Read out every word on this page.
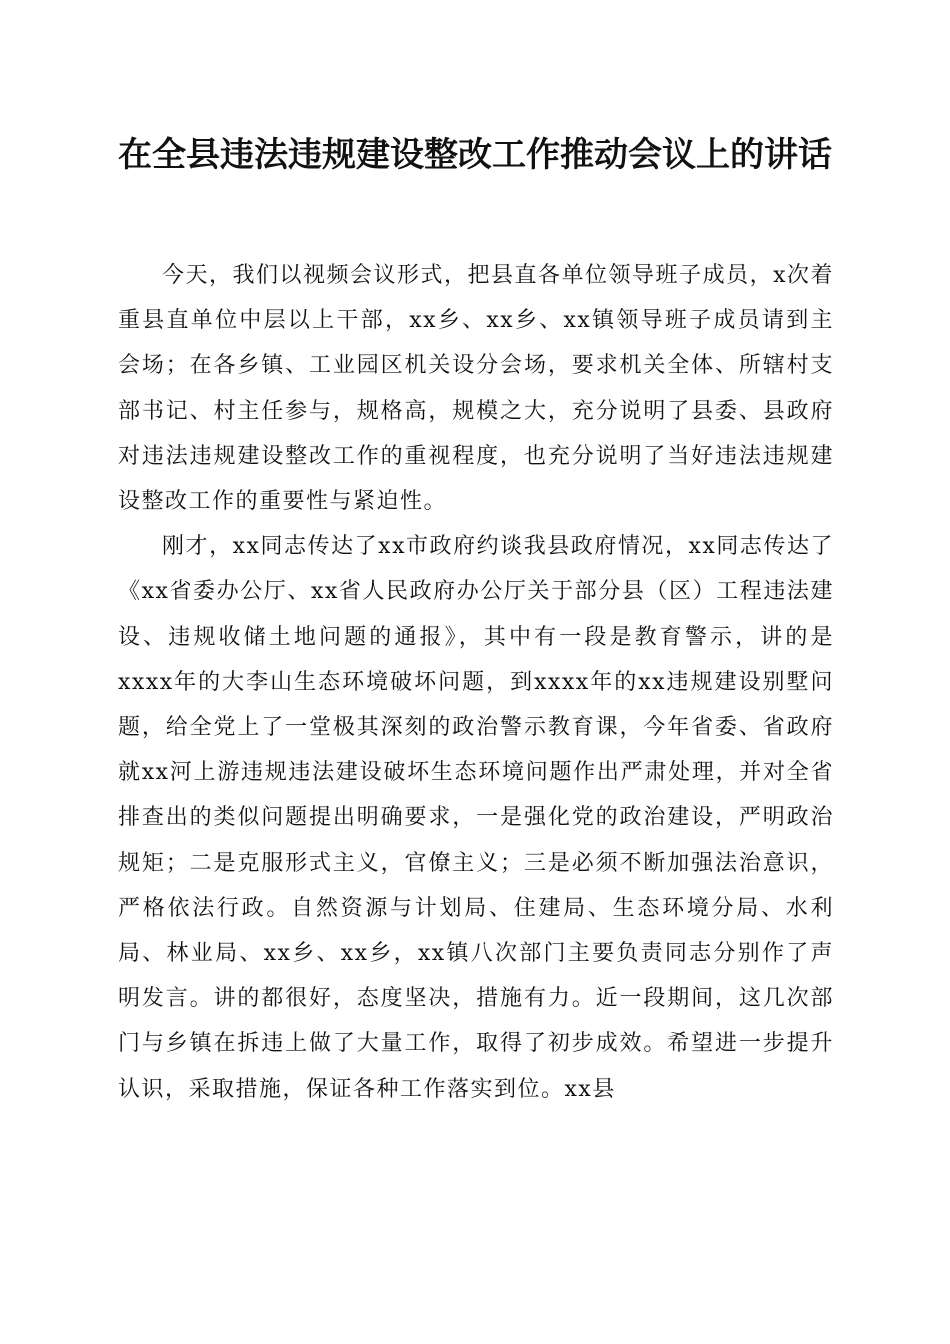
在全县违法违规建设整改工作推动会议上的讲话

今天，我们以视频会议形式，把县直各单位领导班子成员，x次着重县直单位中层以上干部，xx乡、xx乡、xx镇领导班子成员请到主会场；在各乡镇、工业园区机关设分会场，要求机关全体、所辖村支部书记、村主任参与，规格高，规模之大，充分说明了县委、县政府对违法违规建设整改工作的重视程度，也充分说明了当好违法违规建设整改工作的重要性与紧迫性。

刚才，xx同志传达了xx市政府约谈我县政府情况，xx同志传达了《xx省委办公厅、xx省人民政府办公厅关于部分县（区）工程违法建设、违规收储土地问题的通报》，其中有一段是教育警示，讲的是xxxx年的大李山生态环境破坏问题，到xxxx年的xx违规建设别墅问题，给全党上了一堂极其深刻的政治警示教育课，今年省委、省政府就xx河上游违规违法建设破坏生态环境问题作出严肃处理，并对全省排查出的类似问题提出明确要求，一是强化党的政治建设，严明政治规矩；二是克服形式主义，官僚主义；三是必须不断加强法治意识，严格依法行政。自然资源与计划局、住建局、生态环境分局、水利局、林业局、xx乡、xx乡，xx镇八次部门主要负责同志分别作了声明发言。讲的都很好，态度坚决，措施有力。近一段期间，这几次部门与乡镇在拆违上做了大量工作，取得了初步成效。希望进一步提升认识，采取措施，保证各种工作落实到位。xx县
